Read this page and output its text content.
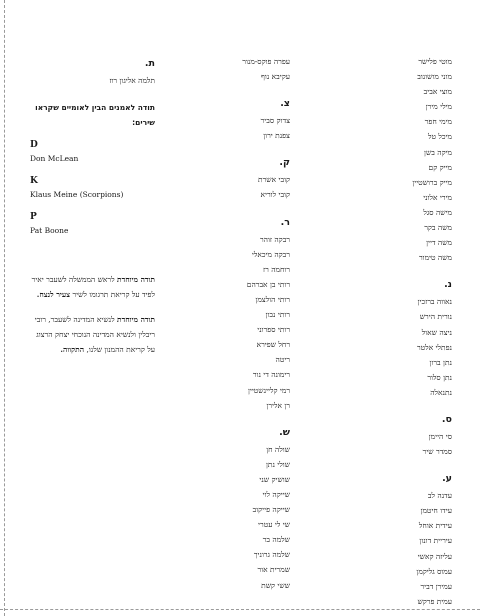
מוטי פלישר
מוני מושונוב
מוצי אביב
מילי מירן
מימי חפר
מיכל טל
מיקה בשן
מייק קם
מייק ברושטיין
מירי אלוני
מישה סגל
משה בקר
משה דיין
משה טימור
נ.
נאווה ברזכין
נורית הירש
ניצה שאול
נפתלי אלטר
נתן ברון
נתן סלור
נתנאלה
ס.
סי היימן
סמדר שיר
ע.
עדנה לב
עידו חיטמן
עידית אוחל
עיריית דונון
עליזה קאשי
עמוס גליקמן
עמירן דביר
עמית פרקש
עפרה פוקס-מנור
עקיבא נוף
צ.
צדוק סביר
צפנת ירון
ק.
קובי אשרת
קובי לוריא
ר.
רבקה זוהר
רבקה מיכאלי
רוחמה רז
רותי בן אברהם
רותי הולצמן
רותי נבון
רותי ספרוני
רחל שפירא
ריטה
רימונה די נור
רמי קליינשטיין
רן אלירן
ש.
שולה חן
שולי נתן
שושיק שני
שייקה לוי
שייקה פייקוב
שי לי עטרי
שלמה בר
שלמה גרוניך
שמרית אור
ששי קשת
ת.
תלמה אליגון רוז
תודה לאמנים הבין לאומיים שקראו שירים:
D
Don McLean
K
Klaus Meine (Scorpions)
P
Pat Boone
תודה מיוחדת לראש הממשלה לשעבר יאיר לפיד על קריאת תרגומו לשיר צעיר לנצח.
תודה מיוחדת לנשיא המדינה לשעבר, רובי ריבלין ולנשיא המדינה הנוכחי יצחק הרצוג על קריאת ההמנון שלנו, התקווה.
